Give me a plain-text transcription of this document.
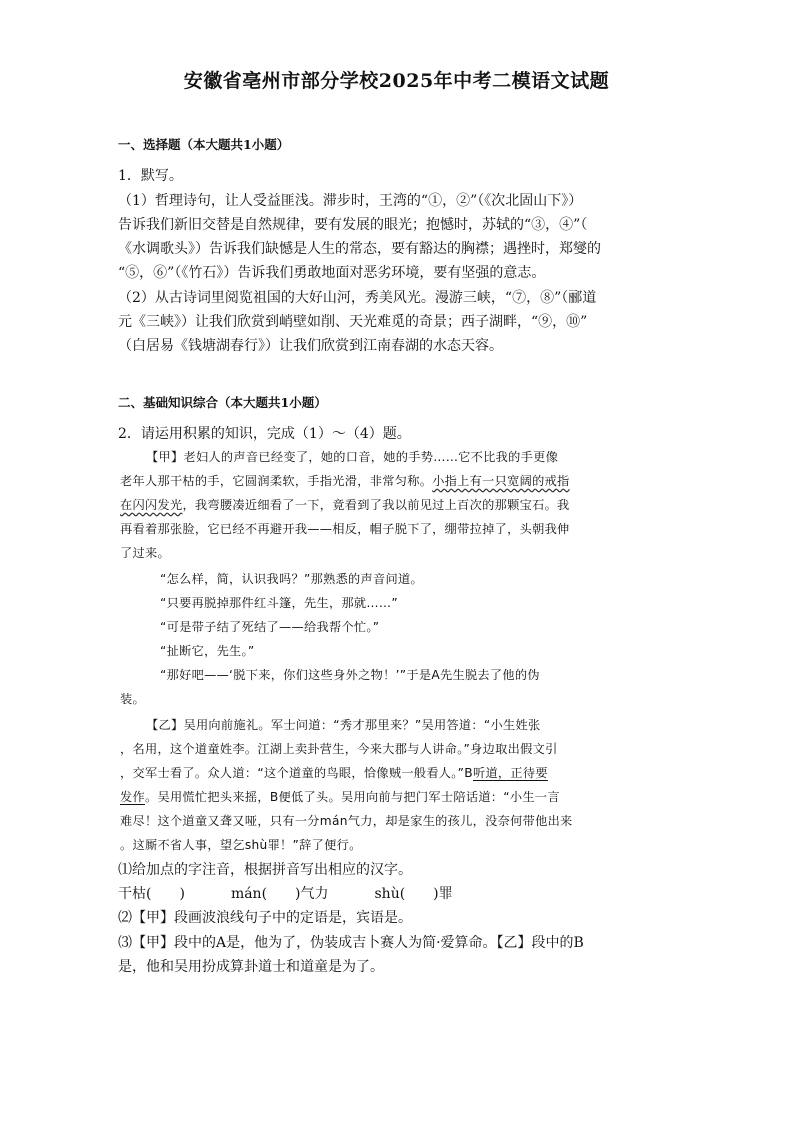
安徽省亳州市部分学校2025年中考二模语文试题
一、选择题（本大题共1小题）
1．默写。
（1）哲理诗句，让人受益匪浅。滞步时，王湾的“①，②”（《次北固山下》）
告诉我们新旧交替是自然规律，要有发展的眼光；抱憾时，苏轼的“③，④”（
《水调歌头》）告诉我们缺憾是人生的常态，要有豁达的胸襟；遇挫时，郑燮的
“⑤，⑥”（《竹石》）告诉我们勇敢地面对恶劣环境，要有坚强的意志。
（2）从古诗词里阅览祖国的大好山河，秀美风光。漫游三峡，“⑦，⑧”（郦道
元《三峡》）让我们欣赏到峭壁如削、天光难觅的奇景；西子湖畔，“⑨，⑩”
（白居易《钱塘湖春行》）让我们欣赏到江南春湖的水态天容。
二、基础知识综合（本大题共1小题）
2．请运用积累的知识，完成（1）～（4）题。
【甲】老妇人的声音已经变了，她的口音，她的手势……它不比我的手更像
老年人那干枯的手，它圆润柔软，手指光滑，非常匀称。小指上有一只宽阔的戒指
在闪闪发光，我弯腰凑近细看了一下，竟看到了我以前见过上百次的那颗宝石。我
再看着那张脸，它已经不再避开我——相反，帽子脱下了，绷带拉掉了，头朝我伸
了过来。
“怎么样，简，认识我吗？”那熟悉的声音问道。
“只要再脱掉那件红斗篷，先生，那就……”
“可是带子结了死结了——给我帮个忙。”
“扯断它，先生。”
“那好吧——‘脱下来，你们这些身外之物！’”于是A先生脱去了他的伪
装。
【乙】吴用向前施礼。军士问道：“秀才那里来？”吴用答道：“小生姓张
，名用，这个道童姓李。江湖上卖卦营生，今来大郡与人讲命。”身边取出假文引
，交军士看了。众人道：“这个道童的鸟眼，恰像贼一般看人。”B听道，正待要
发作。吴用慌忙把头来摇，B便低了头。吴用向前与把门军士陪话道：“小生一言
难尽！这个道童又聋又哑，只有一分mán气力，却是家生的孩儿，没奈何带他出来
。这厮不省人事，望乞shù罪！”辞了便行。
⑴给加点的字注音，根据拼音写出相应的汉字。
干枯(　　)	mán(　　)气力	shù(　　)罪
⑵【甲】段画波浪线句子中的定语是，宾语是。
⑶【甲】段中的A是，他为了，伪装成吉卜赛人为简·爱算命。【乙】段中的B
是，他和吴用扮成算卦道士和道童是为了。
